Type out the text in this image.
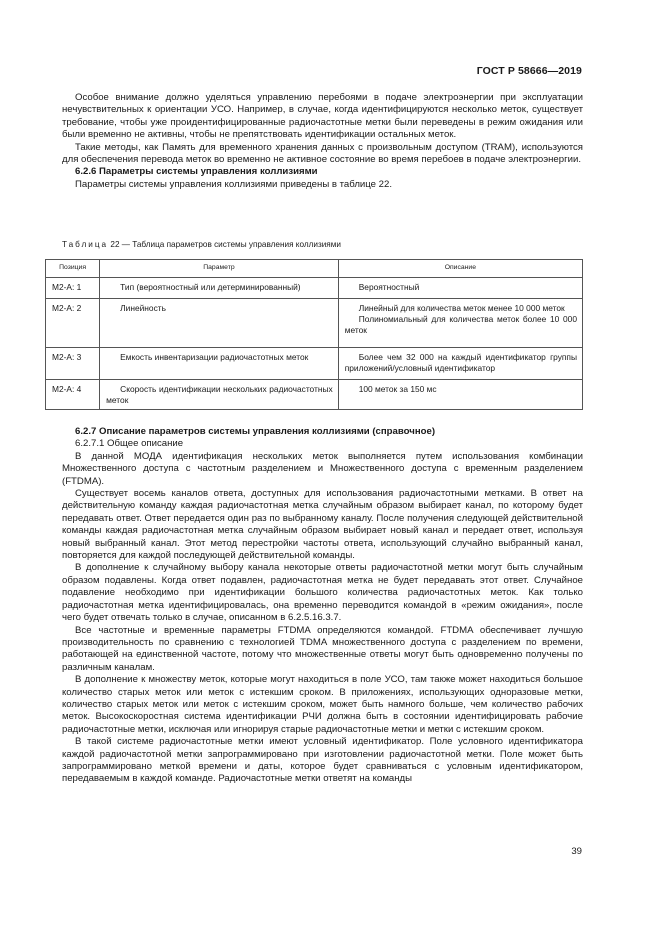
ГОСТ Р 58666—2019

Особое внимание должно уделяться управлению перебоями в подаче электроэнергии при эксплуатации нечувствительных к ориентации УСО. Например, в случае, когда идентифицируются несколько меток, существует требование, чтобы уже проидентифицированные радиочастотные метки были переведены в режим ожидания или были временно не активны, чтобы не препятствовать идентификации остальных меток.

Такие методы, как Память для временного хранения данных с произвольным доступом (TRAM), используются для обеспечения перевода меток во временно не активное состояние во время перебоев в подаче электроэнергии.

6.2.6 Параметры системы управления коллизиями

Параметры системы управления коллизиями приведены в таблице 22.

Таблица 22 — Таблица параметров системы управления коллизиями
Позиция	Параметр	Описание
М2-А: 1	Тип (вероятностный или детерминированный)	Вероятностный

М2-А: 2	Линейность	Линейный для количества меток менее 10 000 меток

Полиномиальный для количества меток более 10 000 меток

М2-А: 3	Емкость инвентаризации радиочастотных меток	Более чем 32 000 на каждый идентификатор группы приложений/условный идентификатор

М2-А: 4	Скорость идентификации нескольких радиочастотных меток	100 меток за 150 мс

6.2.7 Описание параметров системы управления коллизиями (справочное)
6.2.7.1 Общее описание

В данной МОДА идентификация нескольких меток выполняется путем использования комбинации Множественного доступа с частотным разделением и Множественного доступа с временным разделением (FTDMA).

Существует восемь каналов ответа, доступных для использования радиочастотными метками. В ответ на действительную команду каждая радиочастотная метка случайным образом выбирает канал, по которому будет передавать ответ. Ответ передается один раз по выбранному каналу. После получения следующей действительной команды каждая радиочастотная метка случайным образом выбирает новый канал и передает ответ, используя новый выбранный канал. Этот метод перестройки частоты ответа, использующий случайно выбранный канал, повторяется для каждой последующей действительной команды.

В дополнение к случайному выбору канала некоторые ответы радиочастотной метки могут быть случайным образом подавлены. Когда ответ подавлен, радиочастотная метка не будет передавать этот ответ. Случайное подавление необходимо при идентификации большого количества радиочастотных меток. Как только радиочастотная метка идентифицировалась, она временно переводится командой в «режим ожидания», после чего будет отвечать только в случае, описанном в 6.2.5.16.3.7.

Все частотные и временные параметры FTDMA определяются командой. FTDMA обеспечивает лучшую производительность по сравнению с технологией TDMA множественного доступа с разделением по времени, работающей на единственной частоте, потому что множественные ответы могут быть одновременно получены по различным каналам.

В дополнение к множеству меток, которые могут находиться в поле УСО, там также может находиться большое количество старых меток или меток с истекшим сроком. В приложениях, использующих одноразовые метки, количество старых меток или меток с истекшим сроком, может быть намного больше, чем количество рабочих меток. Высокоскоростная система идентификации РЧИ должна быть в состоянии идентифицировать рабочие радиочастотные метки, исключая или игнорируя старые радиочастотные метки и метки с истекшим сроком.

В такой системе радиочастотные метки имеют условный идентификатор. Поле условного идентификатора каждой радиочастотной метки запрограммировано при изготовлении радиочастотной метки. Поле может быть запрограммировано меткой времени и даты, которое будет сравниваться с условным идентификатором, передаваемым в каждой команде. Радиочастотные метки ответят на команды

39
